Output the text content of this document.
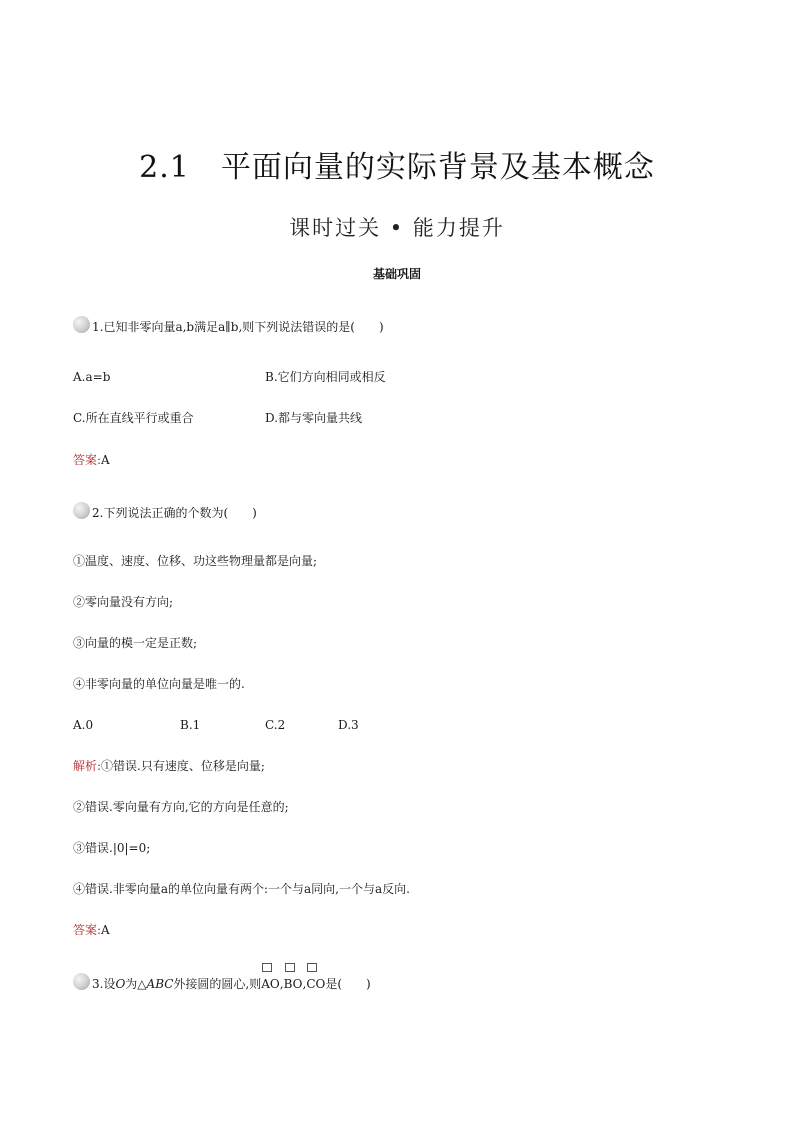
2.1　平面向量的实际背景及基本概念
课时过关 • 能力提升
基础巩固
1.已知非零向量a,b满足a∥b,则下列说法错误的是(　　)
A.a=b	B.它们方向相同或相反
C.所在直线平行或重合	D.都与零向量共线
答案:A
2.下列说法正确的个数为(　　)
①温度、速度、位移、功这些物理量都是向量;
②零向量没有方向;
③向量的模一定是正数;
④非零向量的单位向量是唯一的.
A.0	B.1	C.2	D.3
解析:①错误.只有速度、位移是向量;
②错误.零向量有方向,它的方向是任意的;
③错误.|0|=0;
④错误.非零向量a的单位向量有两个:一个与a同向,一个与a反向.
答案:A
3.设O为△ABC外接圆的圆心,则
AO,
BO,
CO是(　　)
